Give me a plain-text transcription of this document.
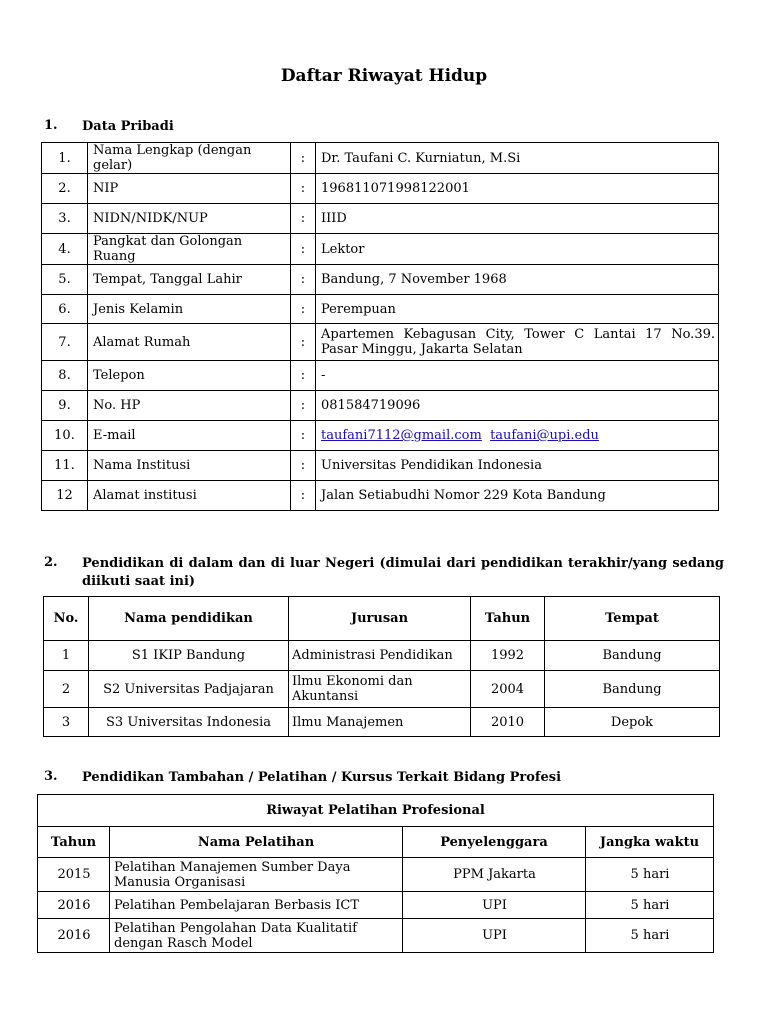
Daftar Riwayat Hidup
1. Data Pribadi
1.	Nama Lengkap (dengan gelar)	:	Dr. Taufani C. Kurniatun, M.Si
2.	NIP	:	196811071998122001
3.	NIDN/NIDK/NUP	:	IIID
4.	Pangkat dan Golongan Ruang	:	Lektor
5.	Tempat, Tanggal Lahir	:	Bandung, 7 November 1968
6.	Jenis Kelamin	:	Perempuan
7.	Alamat Rumah	:	Apartemen Kebagusan City, Tower C Lantai 17 No.39. Pasar Minggu, Jakarta Selatan
8.	Telepon	:	-
9.	No. HP	:	081584719096
10.	E-mail	:	taufani7112@gmail.com taufani@upi.edu
11.	Nama Institusi	:	Universitas Pendidikan Indonesia
12	Alamat institusi	:	Jalan Setiabudhi Nomor 229 Kota Bandung
2. Pendidikan di dalam dan di luar Negeri (dimulai dari pendidikan terakhir/yang sedang diikuti saat ini)
No.	Nama pendidikan	Jurusan	Tahun	Tempat
1	S1 IKIP Bandung	Administrasi Pendidikan	1992	Bandung
2	S2 Universitas Padjajaran	Ilmu Ekonomi dan Akuntansi	2004	Bandung
3	S3 Universitas Indonesia	Ilmu Manajemen	2010	Depok
3. Pendidikan Tambahan / Pelatihan / Kursus Terkait Bidang Profesi
Riwayat Pelatihan Profesional			
Tahun	Nama Pelatihan	Penyelenggara	Jangka waktu
2015	Pelatihan Manajemen Sumber Daya Manusia Organisasi	PPM Jakarta	5 hari
2016	Pelatihan Pembelajaran Berbasis ICT	UPI	5 hari
2016	Pelatihan Pengolahan Data Kualitatif dengan Rasch Model	UPI	5 hari
